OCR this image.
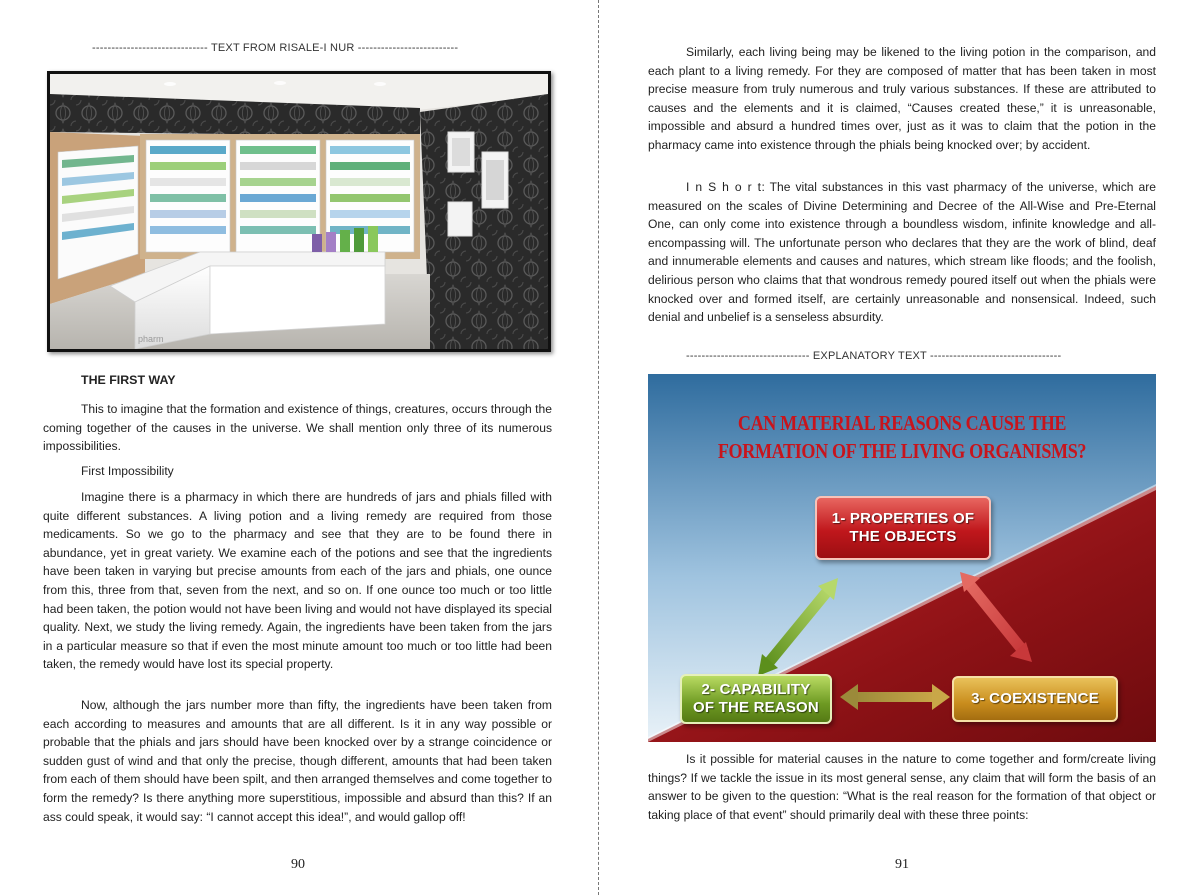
------------------------------ TEXT FROM RISALE-I NUR --------------------------
pharm

THE FIRST WAY

This to imagine that the formation and existence of things, creatures, occurs through the coming together of the causes in the universe. We shall mention only three of its numerous impossibilities.

First Impossibility

Imagine there is a pharmacy in which there are hundreds of jars and phials filled with quite different substances. A living potion and a living remedy are required from those medicaments. So we go to the pharmacy and see that they are to be found there in abundance, yet in great variety. We examine each of the potions and see that the ingredients have been taken in varying but precise amounts from each of the jars and phials, one ounce from this, three from that, seven from the next, and so on. If one ounce too much or too little had been taken, the potion would not have been living and would not have displayed its special quality. Next, we study the living remedy. Again, the ingredients have been taken from the jars in a particular measure so that if even the most minute amount too much or too little had been taken, the remedy would have lost its special property.

Now, although the jars number more than fifty, the ingredients have been taken from each according to measures and amounts that are all different. Is it in any way possible or probable that the phials and jars should have been knocked over by a strange coincidence or sudden gust of wind and that only the precise, though different, amounts that had been taken from each of them should have been spilt, and then arranged themselves and come together to form the remedy? Is there anything more superstitious, impossible and absurd than this? If an ass could speak, it would say: “I cannot accept this idea!”, and would gallop off!

90

Similarly, each living being may be likened to the living potion in the comparison, and each plant to a living remedy. For they are composed of matter that has been taken in most precise measure from truly numerous and truly various substances. If these are attributed to causes and the elements and it is claimed, “Causes created these,” it is unreasonable, impossible and absurd a hundred times over, just as it was to claim that the potion in the pharmacy came into existence through the phials being knocked over; by accident.

I n S h o r t: The vital substances in this vast pharmacy of the universe, which are measured on the scales of Divine Determining and Decree of the All-Wise and Pre-Eternal One, can only come into existence through a boundless wisdom, infinite knowledge and all-encompassing will. The unfortunate person who declares that they are the work of blind, deaf and innumerable elements and causes and natures, which stream like floods; and the foolish, delirious person who claims that that wondrous remedy poured itself out when the phials were knocked over and formed itself, are certainly unreasonable and nonsensical. Indeed, such denial and unbelief is a senseless absurdity.

-------------------------------- EXPLANATORY TEXT ----------------------------------
CAN MATERIAL REASONS CAUSE THE
FORMATION OF THE LIVING ORGANISMS?
1- PROPERTIES OF
THE OBJECTS
2- CAPABILITY
OF THE REASON
3- COEXISTENCE

Is it possible for material causes in the nature to come together and form/create living things? If we tackle the issue in its most general sense, any claim that will form the basis of an answer to be given to the question: “What is the real reason for the formation of that object or taking place of that event” should primarily deal with these three points:

91
